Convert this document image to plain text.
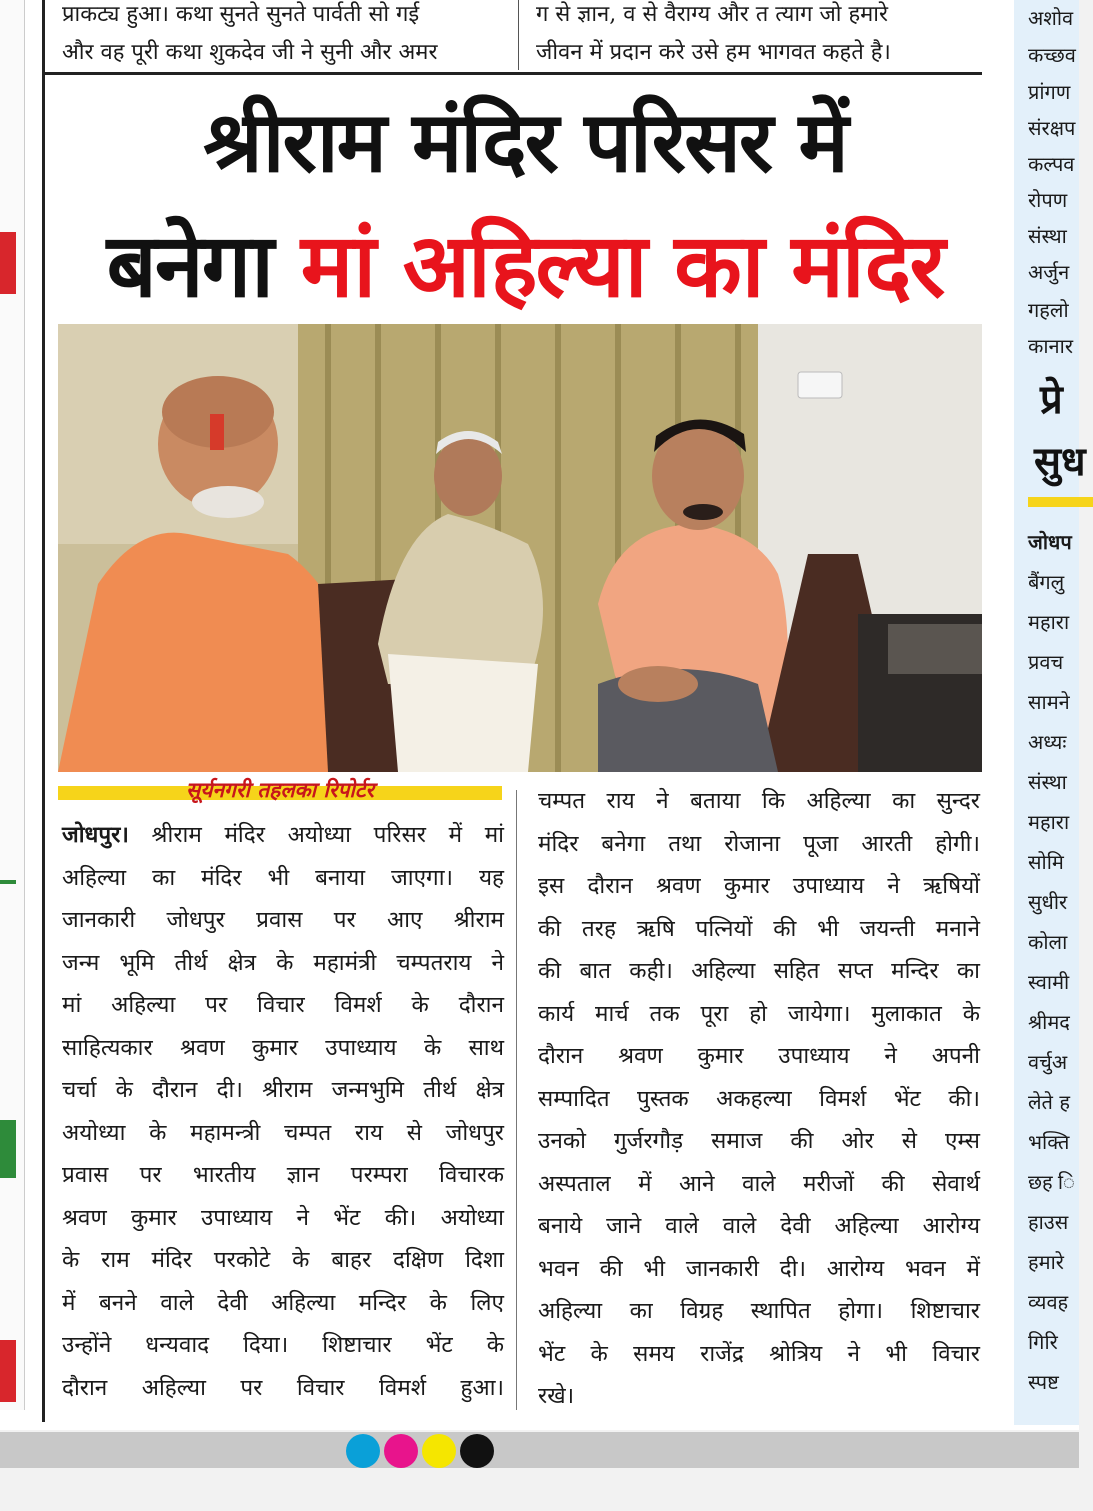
प्राकट्य हुआ। कथा सुनते सुनते पार्वती सो गई
और वह पूरी कथा शुकदेव जी ने सुनी और अमर
ग से ज्ञान, व से वैराग्य और त त्याग जो हमारे
जीवन में प्रदान करे उसे हम भागवत कहते है।
श्रीराम मंदिर परिसर में
बनेगा मां अहिल्या का मंदिर
सूर्यनगरी तहलका रिपोर्टर
जोधपुर। श्रीराम मंदिर अयोध्या परिसर में मां
अहिल्या का मंदिर भी बनाया जाएगा। यह
जानकारी जोधपुर प्रवास पर आए श्रीराम
जन्म भूमि तीर्थ क्षेत्र के महामंत्री चम्पतराय ने
मां अहिल्या पर विचार विमर्श के दौरान
साहित्यकार श्रवण कुमार उपाध्याय के साथ
चर्चा के दौरान दी। श्रीराम जन्मभुमि तीर्थ क्षेत्र
अयोध्या के महामन्त्री चम्पत राय से जोधपुर
प्रवास पर भारतीय ज्ञान परम्परा विचारक
श्रवण कुमार उपाध्याय ने भेंट की। अयोध्या
के राम मंदिर परकोटे के बाहर दक्षिण दिशा
में बनने वाले देवी अहिल्या मन्दिर के लिए
उन्होंने धन्यवाद दिया। शिष्टाचार भेंट के
दौरान अहिल्या पर विचार विमर्श हुआ।
चम्पत राय ने बताया कि अहिल्या का सुन्दर
मंदिर बनेगा तथा रोजाना पूजा आरती होगी।
इस दौरान श्रवण कुमार उपाध्याय ने ऋषियों
की तरह ऋषि पत्नियों की भी जयन्ती मनाने
की बात कही। अहिल्या सहित सप्त मन्दिर का
कार्य मार्च तक पूरा हो जायेगा। मुलाकात के
दौरान श्रवण कुमार उपाध्याय ने अपनी
सम्पादित पुस्तक अकहल्या विमर्श भेंट की।
उनको गुर्जरगौड़ समाज की ओर से एम्स
अस्पताल में आने वाले मरीजों की सेवार्थ
बनाये जाने वाले वाले देवी अहिल्या आरोग्य
भवन की भी जानकारी दी। आरोग्य भवन में
अहिल्या का विग्रह स्थापित होगा। शिष्टाचार
भेंट के समय राजेंद्र श्रोत्रिय ने भी विचार
रखे।
अशोव
कच्छव
प्रांगण
संरक्षप
कल्पव
रोपण
संस्था
अर्जुन
गहलो
कानार
प्रे
सुध
जोधप
बैंगलु
महारा
प्रवच
सामने
अध्यः
संस्था
महारा
सोमि
सुधीर
कोला
स्वामी
श्रीमद
वर्चुअ
लेते ह
भक्ति
छह ि
हाउस
हमारे
व्यवह
गिरि
स्पष्ट
